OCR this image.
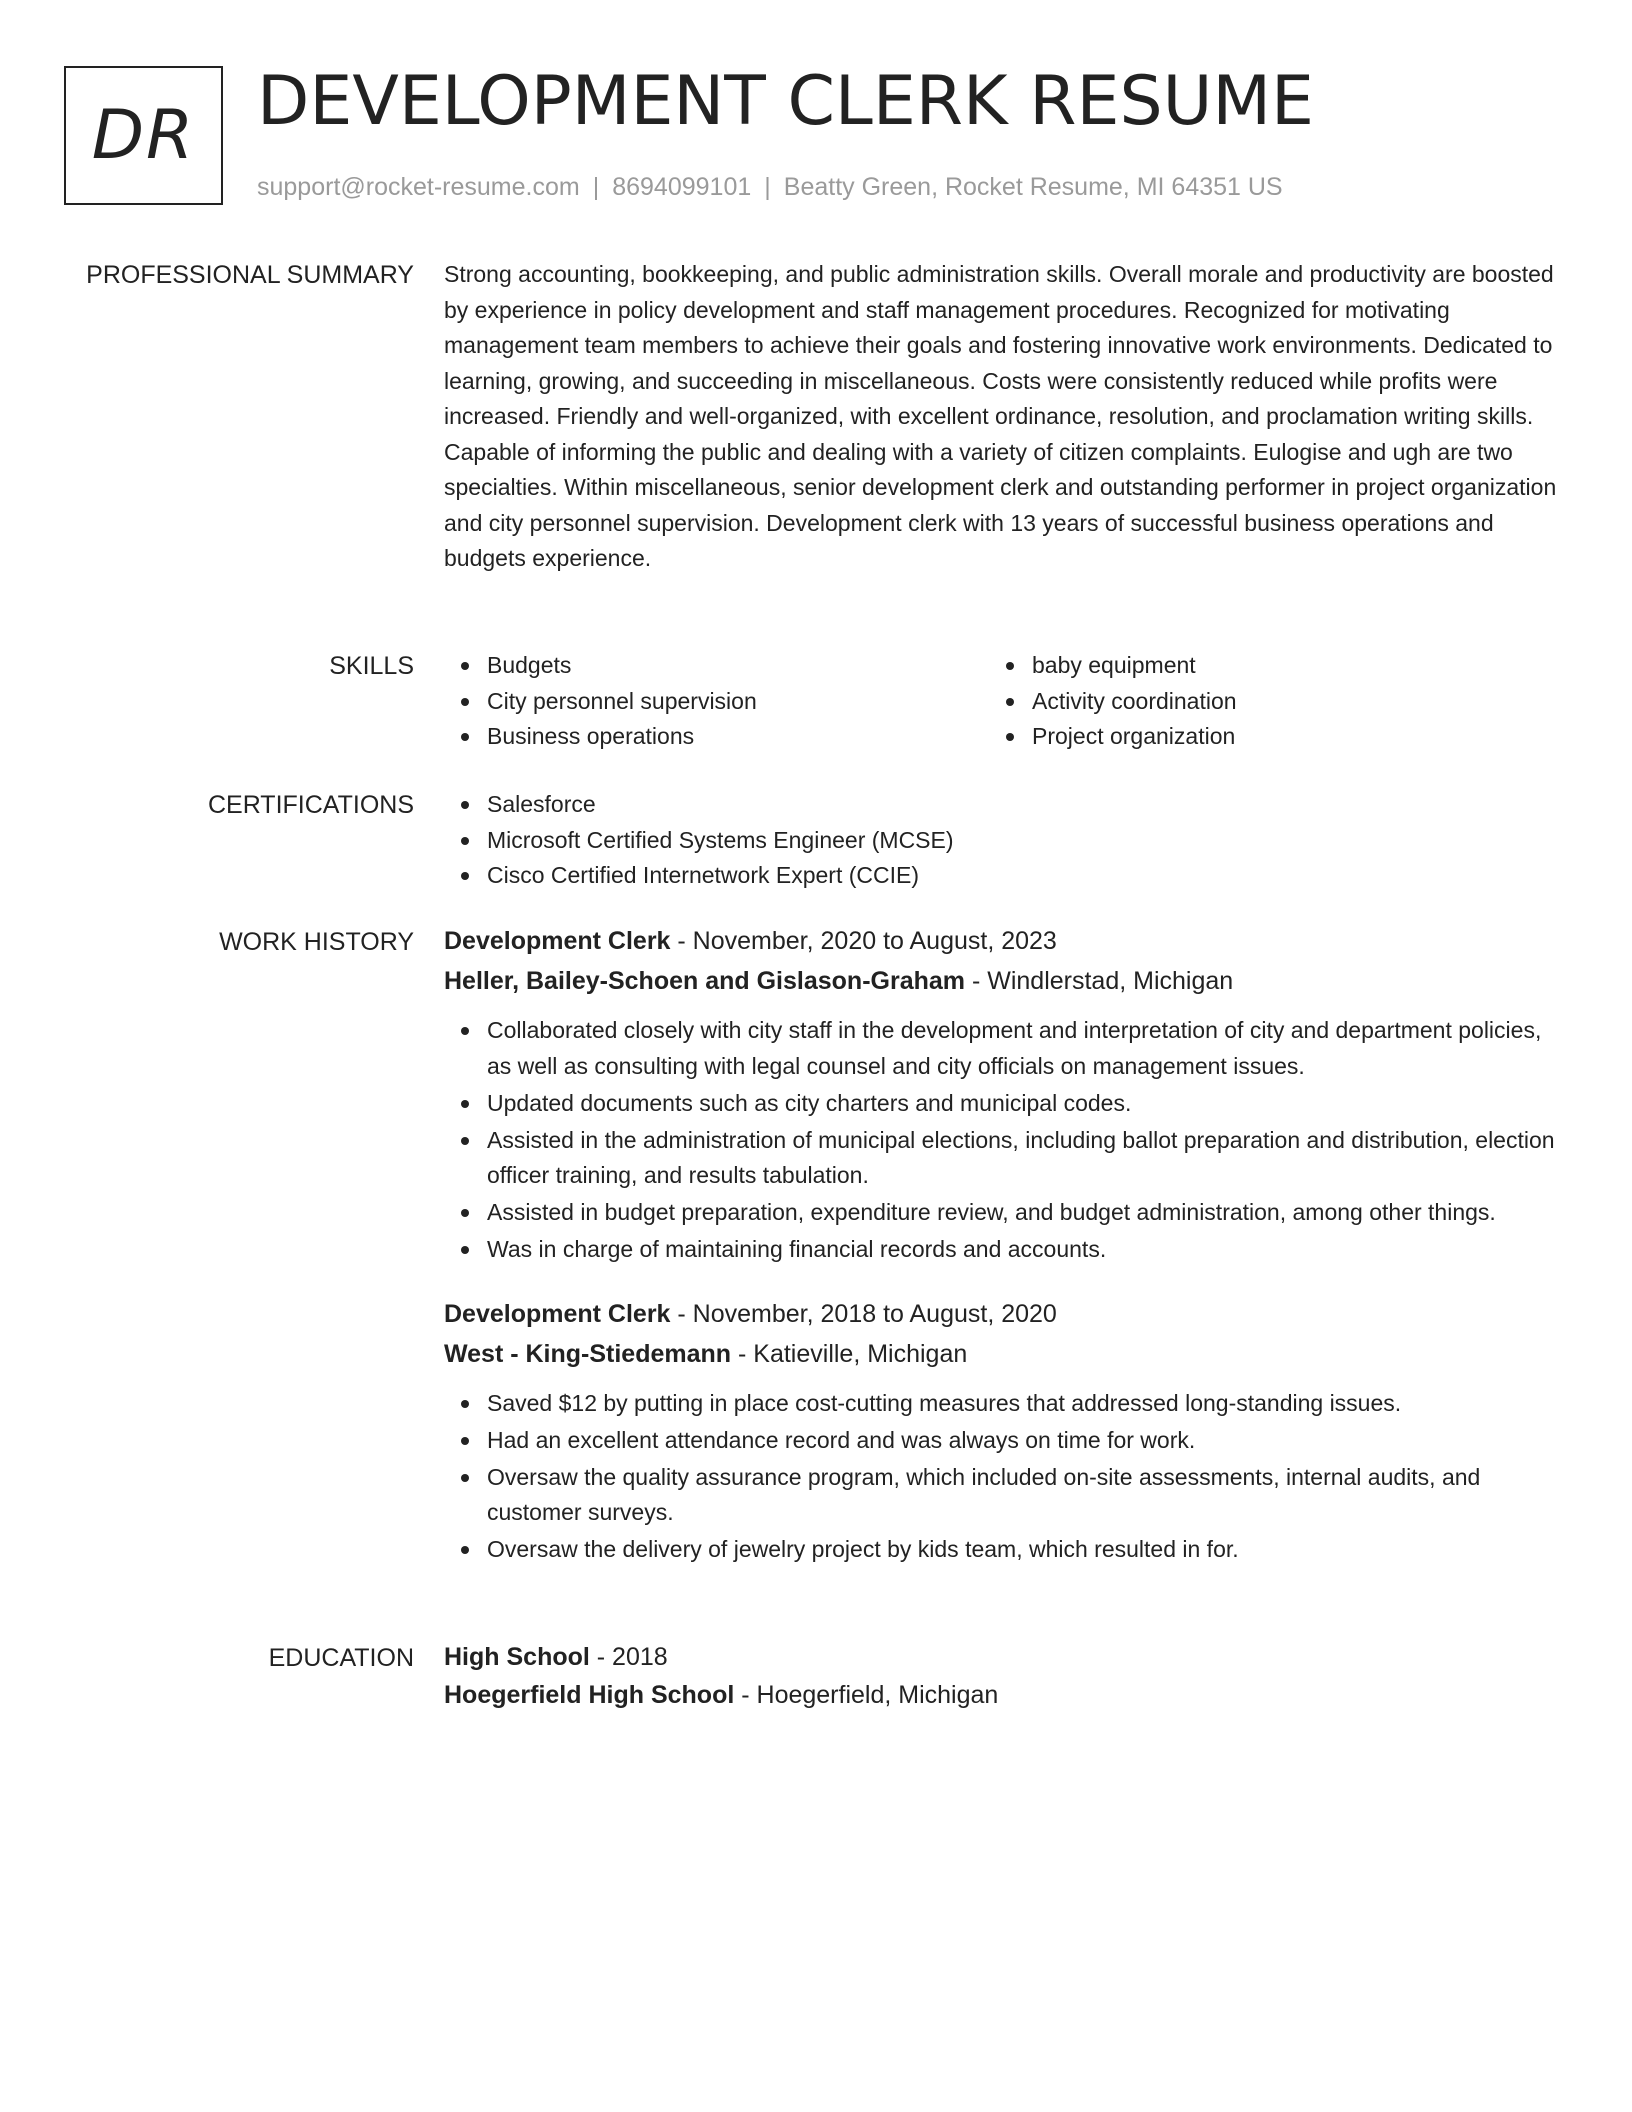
DR DEVELOPMENT CLERK RESUME
support@rocket-resume.com | 8694099101 | Beatty Green, Rocket Resume, MI 64351 US
PROFESSIONAL SUMMARY Strong accounting, bookkeeping, and public administration skills. Overall morale and productivity are boosted by experience in policy development and staff management procedures. Recognized for motivating management team members to achieve their goals and fostering innovative work environments. Dedicated to learning, growing, and succeeding in miscellaneous. Costs were consistently reduced while profits were increased. Friendly and well-organized, with excellent ordinance, resolution, and proclamation writing skills. Capable of informing the public and dealing with a variety of citizen complaints. Eulogise and ugh are two specialties. Within miscellaneous, senior development clerk and outstanding performer in project organization and city personnel supervision. Development clerk with 13 years of successful business operations and budgets experience.

SKILLS	Budgets
City personnel supervision
Business operations
baby equipment
Activity coordination
Project organization
CERTIFICATIONS	Salesforce
Microsoft Certified Systems Engineer (MCSE)
Cisco Certified Internetwork Expert (CCIE)
WORK HISTORY Development Clerk - November, 2020 to August, 2023
Heller, Bailey-Schoen and Gislason-Graham - Windlerstad, Michigan
Collaborated closely with city staff in the development and interpretation of city and department policies, as well as consulting with legal counsel and city officials on management issues.
Updated documents such as city charters and municipal codes.
Assisted in the administration of municipal elections, including ballot preparation and distribution, election officer training, and results tabulation.
Assisted in budget preparation, expenditure review, and budget administration, among other things.
Was in charge of maintaining financial records and accounts.
Development Clerk - November, 2018 to August, 2020
West - King-Stiedemann - Katieville, Michigan
Saved $12 by putting in place cost-cutting measures that addressed long-standing issues.
Had an excellent attendance record and was always on time for work.
Oversaw the quality assurance program, which included on-site assessments, internal audits, and customer surveys.
Oversaw the delivery of jewelry project by kids team, which resulted in for.
EDUCATION High School - 2018
Hoegerfield High School - Hoegerfield, Michigan
